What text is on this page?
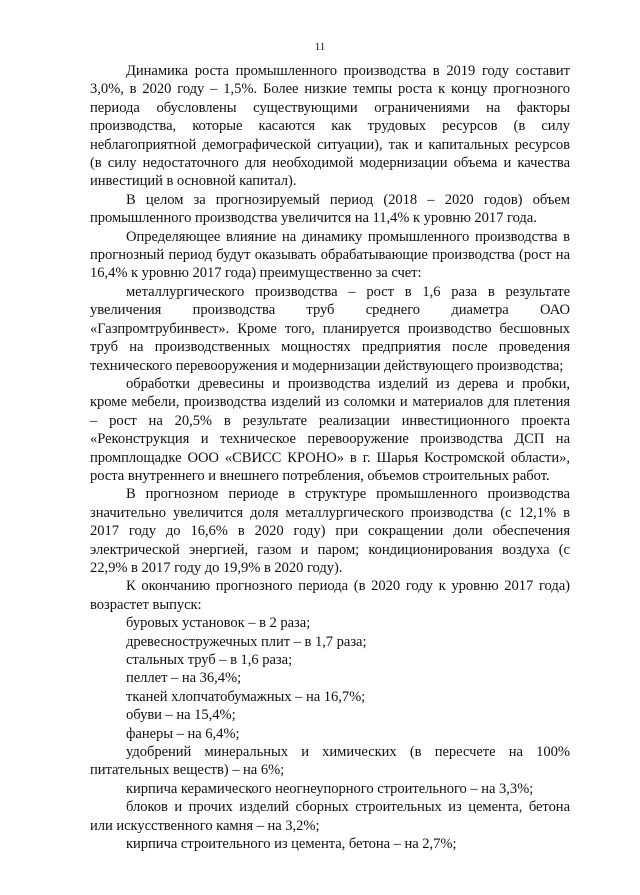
11

Динамика роста промышленного производства в 2019 году составит 3,0%, в 2020 году – 1,5%. Более низкие темпы роста к концу прогнозного периода обусловлены существующими ограничениями на факторы производства, которые касаются как трудовых ресурсов (в силу неблагоприятной демографической ситуации), так и капитальных ресурсов (в силу недостаточного для необходимой модернизации объема и качества инвестиций в основной капитал).

В целом за прогнозируемый период (2018 – 2020 годов) объем промышленного производства увеличится на 11,4% к уровню 2017 года.

Определяющее влияние на динамику промышленного производства в прогнозный период будут оказывать обрабатывающие производства (рост на 16,4% к уровню 2017 года) преимущественно за счет:

металлургического производства – рост в 1,6 раза в результате увеличения производства труб среднего диаметра ОАО «Газпромтрубинвест». Кроме того, планируется производство бесшовных труб на производственных мощностях предприятия после проведения технического перевооружения и модернизации действующего производства;

обработки древесины и производства изделий из дерева и пробки, кроме мебели, производства изделий из соломки и материалов для плетения – рост на 20,5% в результате реализации инвестиционного проекта «Реконструкция и техническое перевооружение производства ДСП на промплощадке ООО «СВИСС КРОНО» в г. Шарья Костромской области», роста внутреннего и внешнего потребления, объемов строительных работ.

В прогнозном периоде в структуре промышленного производства значительно увеличится доля металлургического производства (с 12,1% в 2017 году до 16,6% в 2020 году) при сокращении доли обеспечения электрической энергией, газом и паром; кондиционирования воздуха (с 22,9% в 2017 году до 19,9% в 2020 году).

К окончанию прогнозного периода (в 2020 году к уровню 2017 года) возрастет выпуск:

буровых установок – в 2 раза;

древесностружечных плит – в 1,7 раза;

стальных труб – в 1,6 раза;

пеллет – на 36,4%;

тканей хлопчатобумажных – на 16,7%;

обуви – на 15,4%;

фанеры – на 6,4%;

удобрений минеральных и химических (в пересчете на 100% питательных веществ) – на 6%;

кирпича керамического неогнеупорного строительного – на 3,3%;

блоков и прочих изделий сборных строительных из цемента, бетона или искусственного камня – на 3,2%;

кирпича строительного из цемента, бетона – на 2,7%;
